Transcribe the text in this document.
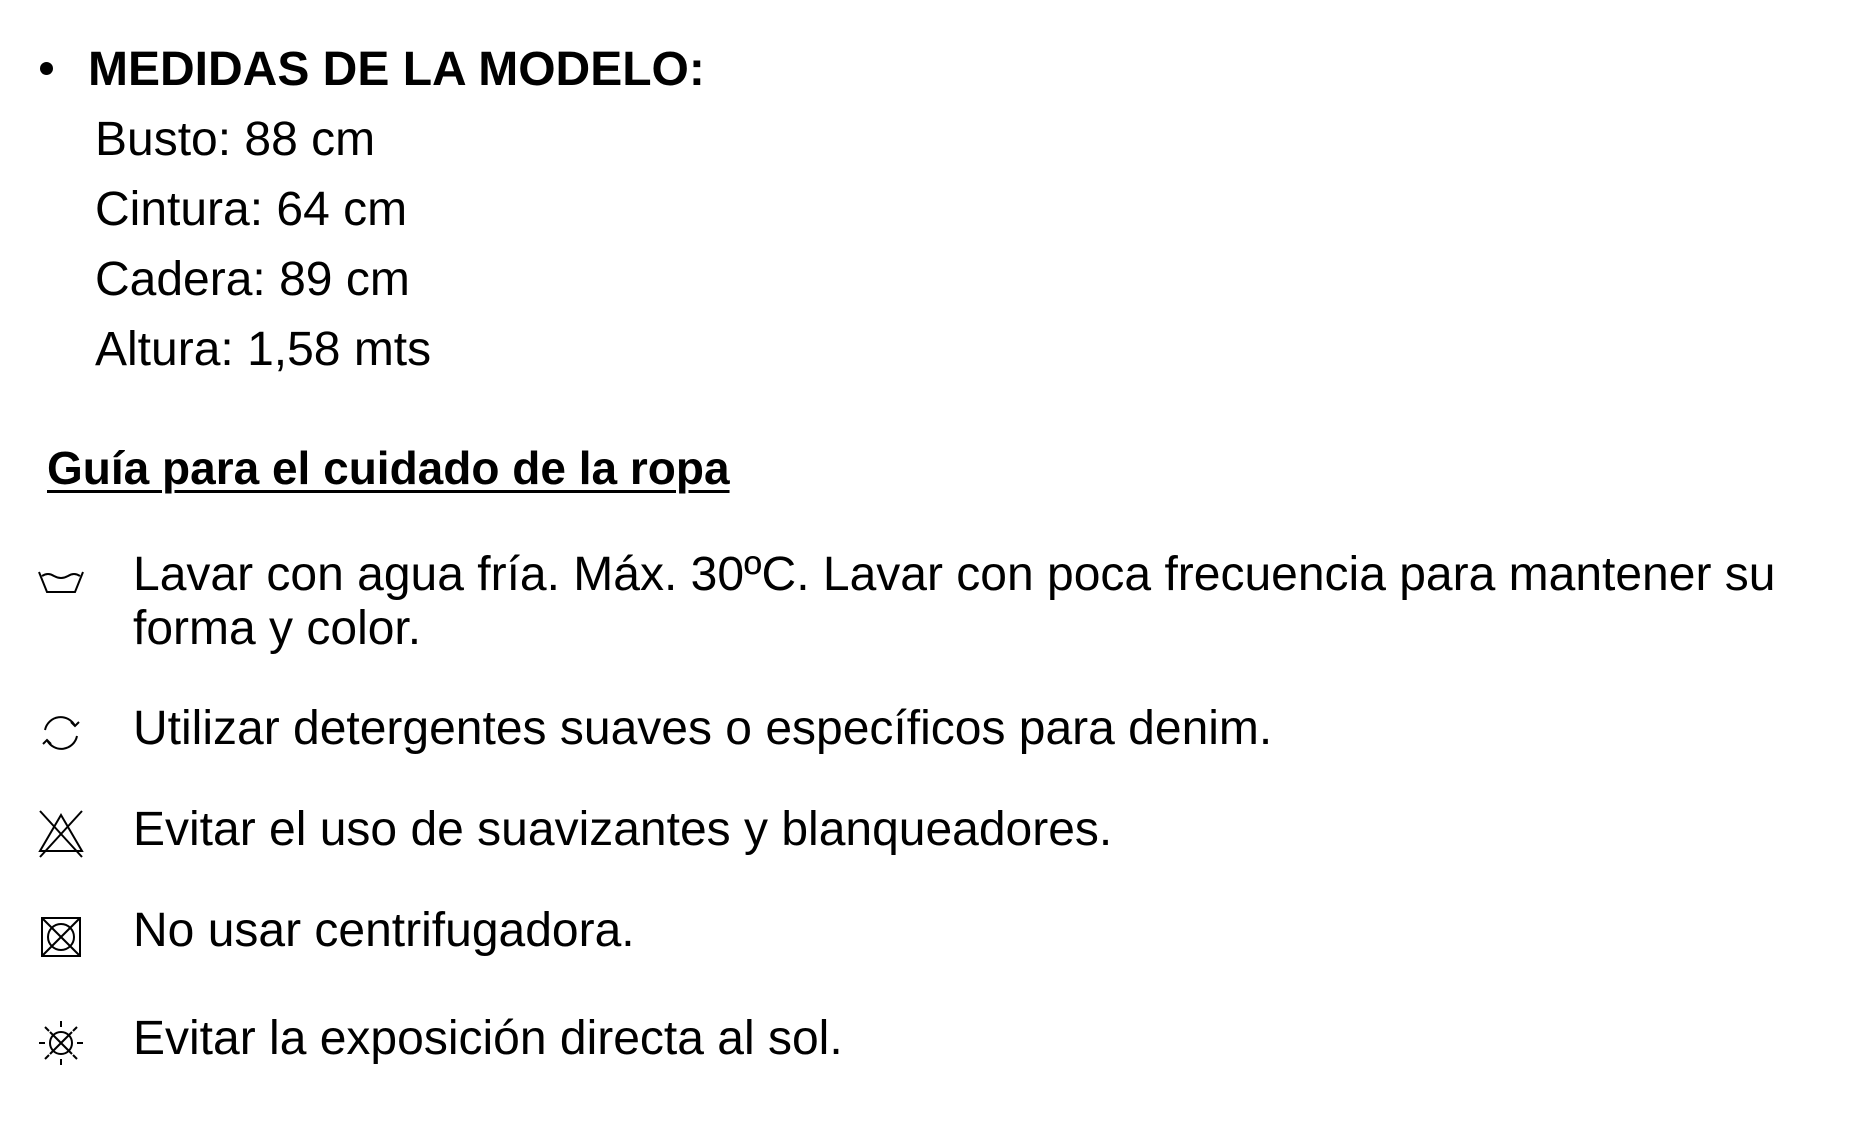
MEDIDAS DE LA MODELO:
Busto: 88 cm
Cintura: 64 cm
Cadera: 89 cm
Altura: 1,58 mts
Guía para el cuidado de la ropa
Lavar con agua fría. Máx. 30ºC. Lavar con poca frecuencia para mantener su forma y color.
Utilizar detergentes suaves o específicos para denim.
Evitar el uso de suavizantes y blanqueadores.
No usar centrifugadora.
Evitar la exposición directa al sol.
